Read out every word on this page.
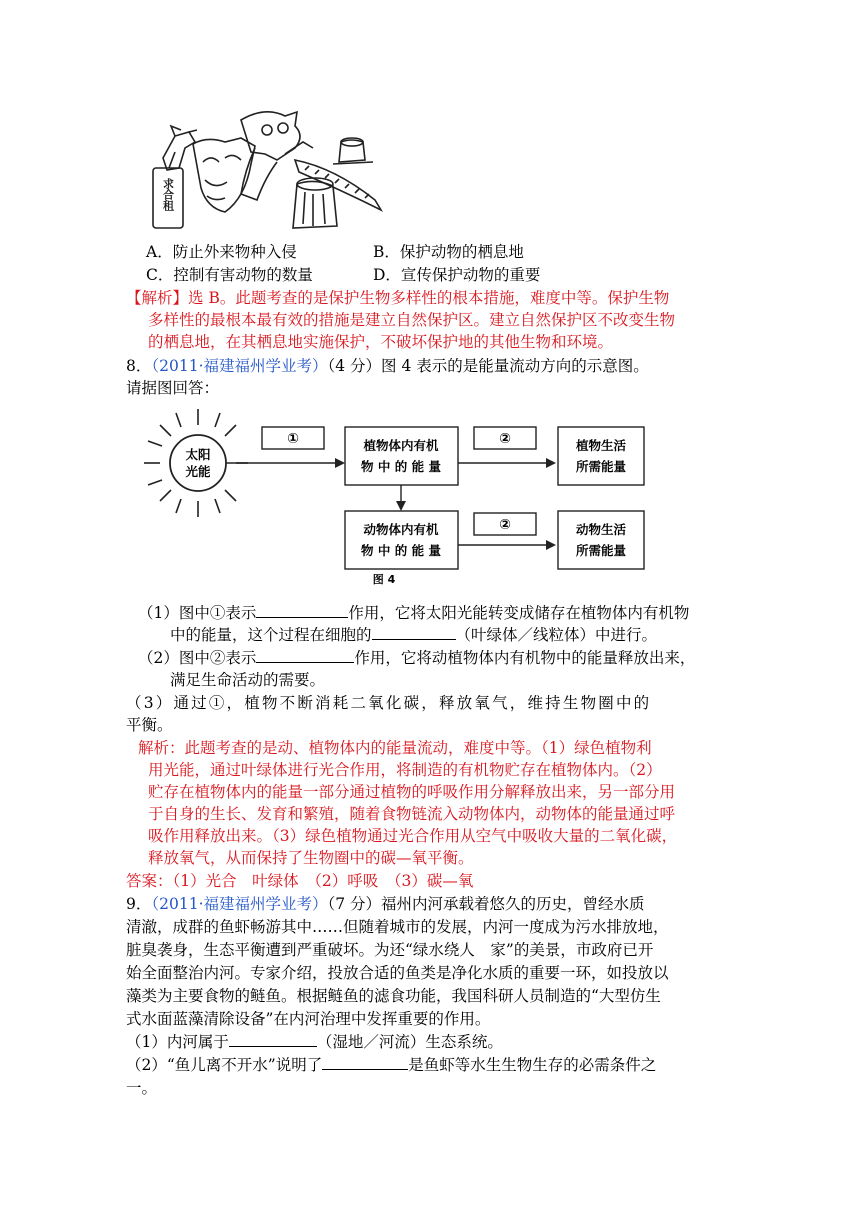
求合租
A．防止外来物种入侵	B．保护动物的栖息地
C．控制有害动物的数量	D．宣传保护动物的重要
【解析】选 B。此题考查的是保护生物多样性的根本措施，难度中等。保护生物
多样性的最根本最有效的措施是建立自然保护区。建立自然保护区不改变生物
的栖息地，在其栖息地实施保护，不破坏保护地的其他生物和环境。
8．（2011·福建福州学业考）（4 分）图 4 表示的是能量流动方向的示意图。
请据图回答：
太阳
光能
①	植物体内有机
物 中 的 能 量
②	植物生活
所需能量
动物体内有机
物 中 的 能 量
②	动物生活
所需能量
图 4
（1）图中①表示	作用，它将太阳光能转变成储存在植物体内有机物
中的能量，这个过程在细胞的	（叶绿体／线粒体）中进行。
（2）图中②表示	作用，它将动植物体内有机物中的能量释放出来，
满足生命活动的需要。
（3）通过①，植物不断消耗二氧化碳，释放氧气，维持生物圈中的
平衡。
解析：此题考查的是动、植物体内的能量流动，难度中等。（1）绿色植物利
用光能，通过叶绿体进行光合作用，将制造的有机物贮存在植物体内。（2）
贮存在植物体内的能量一部分通过植物的呼吸作用分解释放出来，另一部分用
于自身的生长、发育和繁殖，随着食物链流入动物体内，动物体的能量通过呼
吸作用释放出来。（3）绿色植物通过光合作用从空气中吸收大量的二氧化碳，
释放氧气，从而保持了生物圈中的碳—氧平衡。
答案：（1）光合　叶绿体　（2）呼吸　（3）碳—氧
9．（2011·福建福州学业考）（7 分）福州内河承载着悠久的历史，曾经水质
清澈，成群的鱼虾畅游其中……但随着城市的发展，内河一度成为污水排放地，
脏臭袭身，生态平衡遭到严重破坏。为还“绿水绕人　家”的美景，市政府已开
始全面整治内河。专家介绍，投放合适的鱼类是净化水质的重要一环，如投放以
藻类为主要食物的鲢鱼。根据鲢鱼的滤食功能，我国科研人员制造的“大型仿生
式水面蓝藻清除设备”在内河治理中发挥重要的作用。
（1）内河属于	（湿地／河流）生态系统。
（2）“鱼儿离不开水”说明了	是鱼虾等水生生物生存的必需条件之
一。
